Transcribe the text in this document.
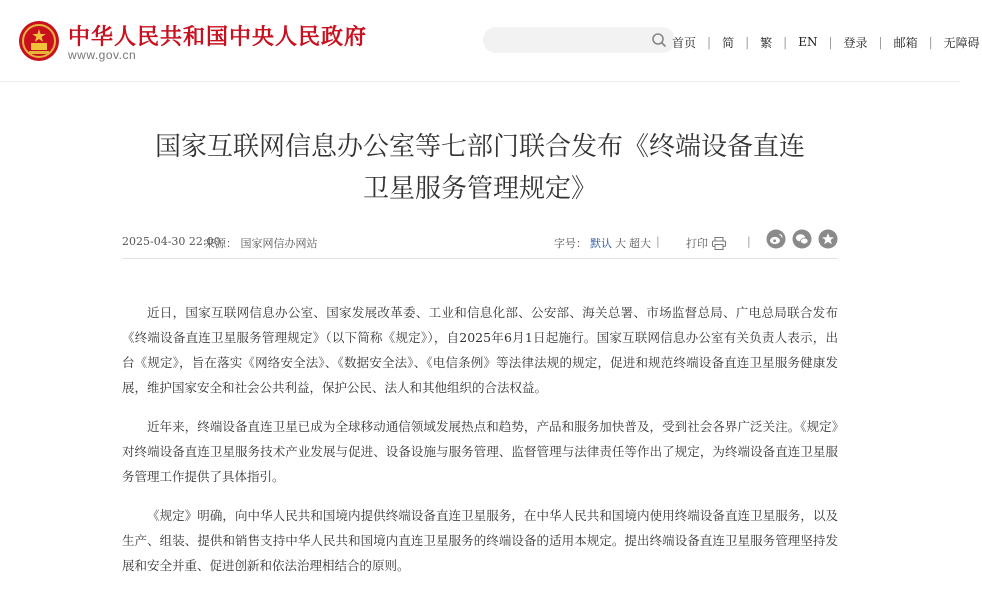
中华人民共和国中央人民政府
www.gov.cn
首页 | 简 | 繁 | EN | 登录 | 邮箱 | 无障碍
国家互联网信息办公室等七部门联合发布《终端设备直连
卫星服务管理规定》
2025-04-30 22:00
来源： 国家网信办网站	字号： 默认 大 超大 | 打印	|

近日，国家互联网信息办公室、国家发展改革委、工业和信息化部、公安部、海关总署、市场监督总局、广电总局联合发布《终端设备直连卫星服务管理规定》（以下简称《规定》），自2025年6月1日起施行。国家互联网信息办公室有关负责人表示，出台《规定》，旨在落实《网络安全法》、《数据安全法》、《电信条例》等法律法规的规定，促进和规范终端设备直连卫星服务健康发展，维护国家安全和社会公共利益，保护公民、法人和其他组织的合法权益。

近年来，终端设备直连卫星已成为全球移动通信领域发展热点和趋势，产品和服务加快普及，受到社会各界广泛关注。《规定》对终端设备直连卫星服务技术产业发展与促进、设备设施与服务管理、监督管理与法律责任等作出了规定，为终端设备直连卫星服务管理工作提供了具体指引。

《规定》明确，向中华人民共和国境内提供终端设备直连卫星服务，在中华人民共和国境内使用终端设备直连卫星服务，以及生产、组装、提供和销售支持中华人民共和国境内直连卫星服务的终端设备的适用本规定。提出终端设备直连卫星服务管理坚持发展和安全并重、促进创新和依法治理相结合的原则。
